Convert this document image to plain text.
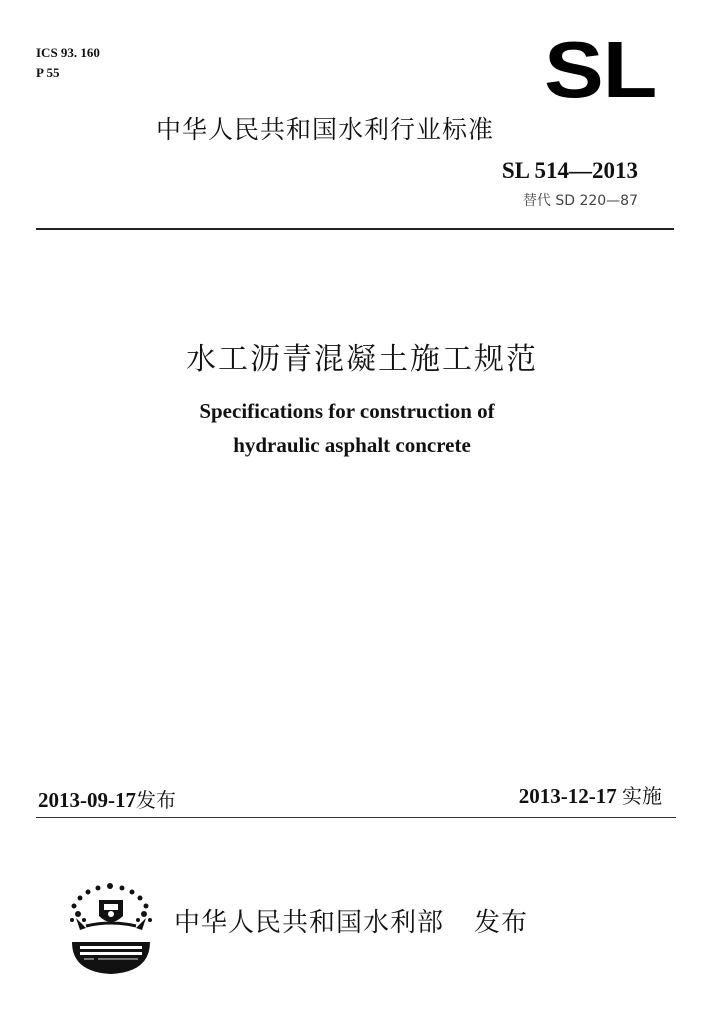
ICS 93. 160
P 55	SL
中华人民共和国水利行业标准
SL 514—2013
替代 SD 220—87
水工沥青混凝土施工规范
Specifications for construction of
hydraulic asphalt concrete
2013-09-17发布	2013-12-17 实施
中华人民共和国水利部 发布
